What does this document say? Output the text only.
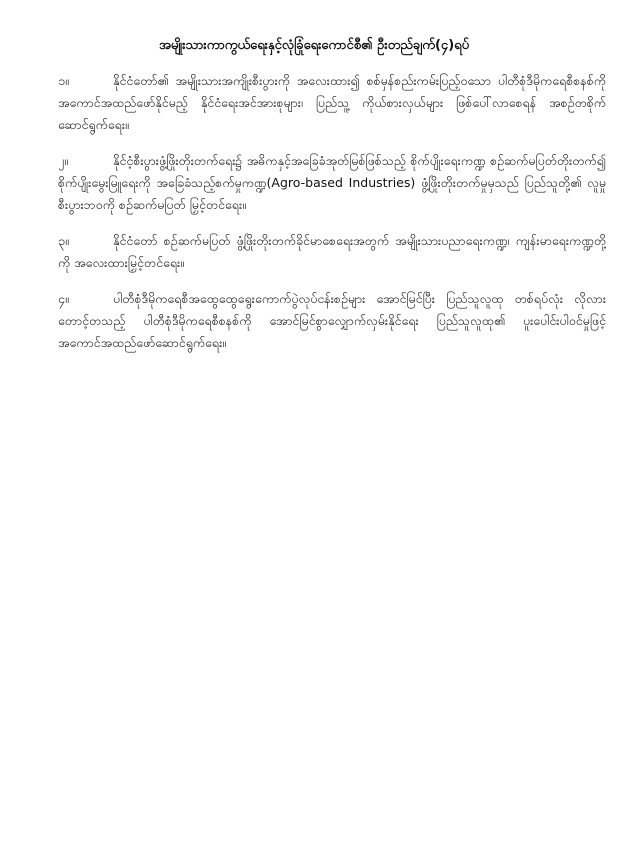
အမျိုးသားကာကွယ်ရေးနှင့်လုံခြုံရေးကောင်စီ၏ ဦးတည်ချက်(၄)ရပ်
၁။	နိုင်ငံတော်၏ အမျိုးသားအကျိုးစီးပွားကို အလေးထား၍ စစ်မှန်စည်းကမ်းပြည့်ဝသော ပါတီစုံဒီမိုကရေစီစနစ်ကို အကောင်အထည်ဖော်နိုင်မည့် နိုင်ငံရေးအင်အားစုများ၊ ပြည်သူ့ ကိုယ်စားလှယ်များ ဖြစ်ပေါ်လာစေရန် အစဉ်တစိုက် ဆောင်ရွက်ရေး။
၂။	နိုင်ငံ့စီးပွားဖွံ့ဖြိုးတိုးတက်ရေး၌ အဓိကနှင့်အခြေခံအုတ်မြစ်ဖြစ်သည့် စိုက်ပျိုးရေးကဏ္ဍ စဉ်ဆက်မပြတ်တိုးတက်၍ စိုက်ပျိုးမွေးမြူရေးကို အခြေခံသည့်စက်မှုကဏ္ဍ(Agro-based Industries) ဖွံ့ဖြိုးတိုးတက်မှုမှသည် ပြည်သူတို့၏ လူမှုစီးပွားဘဝကို စဉ်ဆက်မပြတ် မြှင့်တင်ရေး။
၃။	နိုင်ငံတော် စဉ်ဆက်မပြတ် ဖွံ့ဖြိုးတိုးတက်ခိုင်မာစေရေးအတွက် အမျိုးသားပညာရေးကဏ္ဍ၊ ကျန်းမာရေးကဏ္ဍတို့ကို အလေးထားမြှင့်တင်ရေး။
၄။	ပါတီစုံဒီမိုကရေစီအထွေထွေရွေးကောက်ပွဲလုပ်ငန်းစဉ်များ အောင်မြင်ပြီး ပြည်သူလူထု တစ်ရပ်လုံး လိုလားတောင့်တသည့် ပါတီစုံဒီမိုကရေစီစနစ်ကို အောင်မြင်စွာလျှောက်လှမ်းနိုင်ရေး ပြည်သူလူထု၏ ပူးပေါင်းပါဝင်မှုဖြင့် အကောင်အထည်ဖော်ဆောင်ရွက်ရေး။
